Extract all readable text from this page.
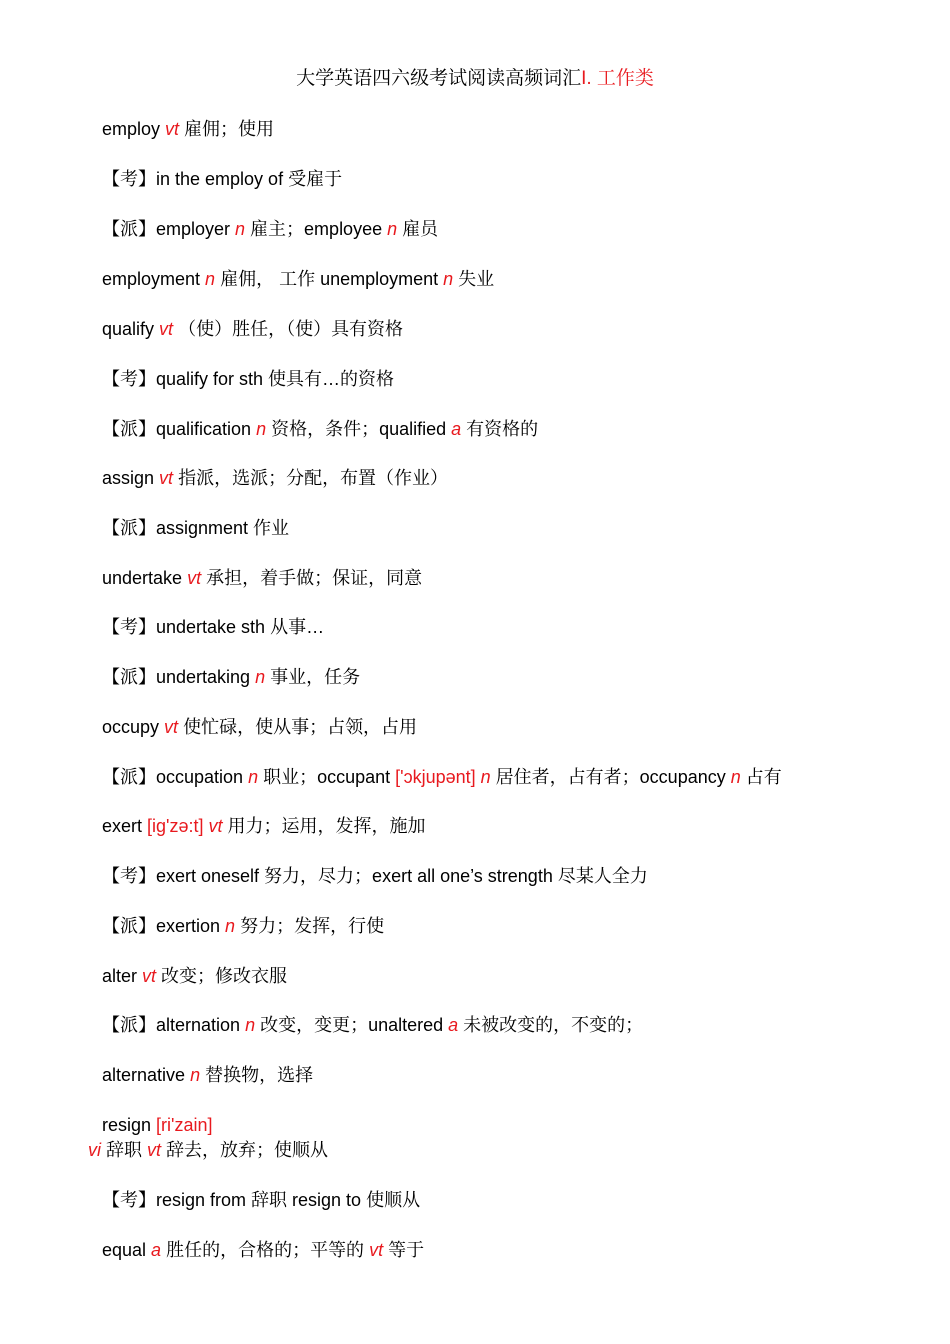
大学英语四六级考试阅读高频词汇I. 工作类
employ vt 雇佣；使用
【考】in the employ of 受雇于
【派】employer n 雇主；employee n 雇员
employment n 雇佣， 工作 unemployment n 失业
qualify vt （使）胜任，（使）具有资格
【考】qualify for sth 使具有…的资格
【派】qualification n 资格，条件；qualified a 有资格的
assign vt 指派，选派；分配，布置（作业）
【派】assignment 作业
undertake vt 承担，着手做；保证，同意
【考】undertake sth 从事…
【派】undertaking n 事业，任务
occupy vt 使忙碌，使从事；占领，占用
【派】occupation n 职业；occupant ['ɔkjupənt] n 居住者，占有者；occupancy n 占有
exert [ig'zə:t] vt 用力；运用，发挥，施加
【考】exert oneself 努力，尽力；exert all one’s strength 尽某人全力
【派】exertion n 努力；发挥，行使
alter vt 改变；修改衣服
【派】alternation n 改变，变更；unaltered a 未被改变的，不变的；
alternative n 替换物，选择
resign [ri'zain]
vi 辞职 vt 辞去，放弃；使顺从
【考】resign from 辞职 resign to 使顺从
equal a 胜任的，合格的；平等的 vt 等于
